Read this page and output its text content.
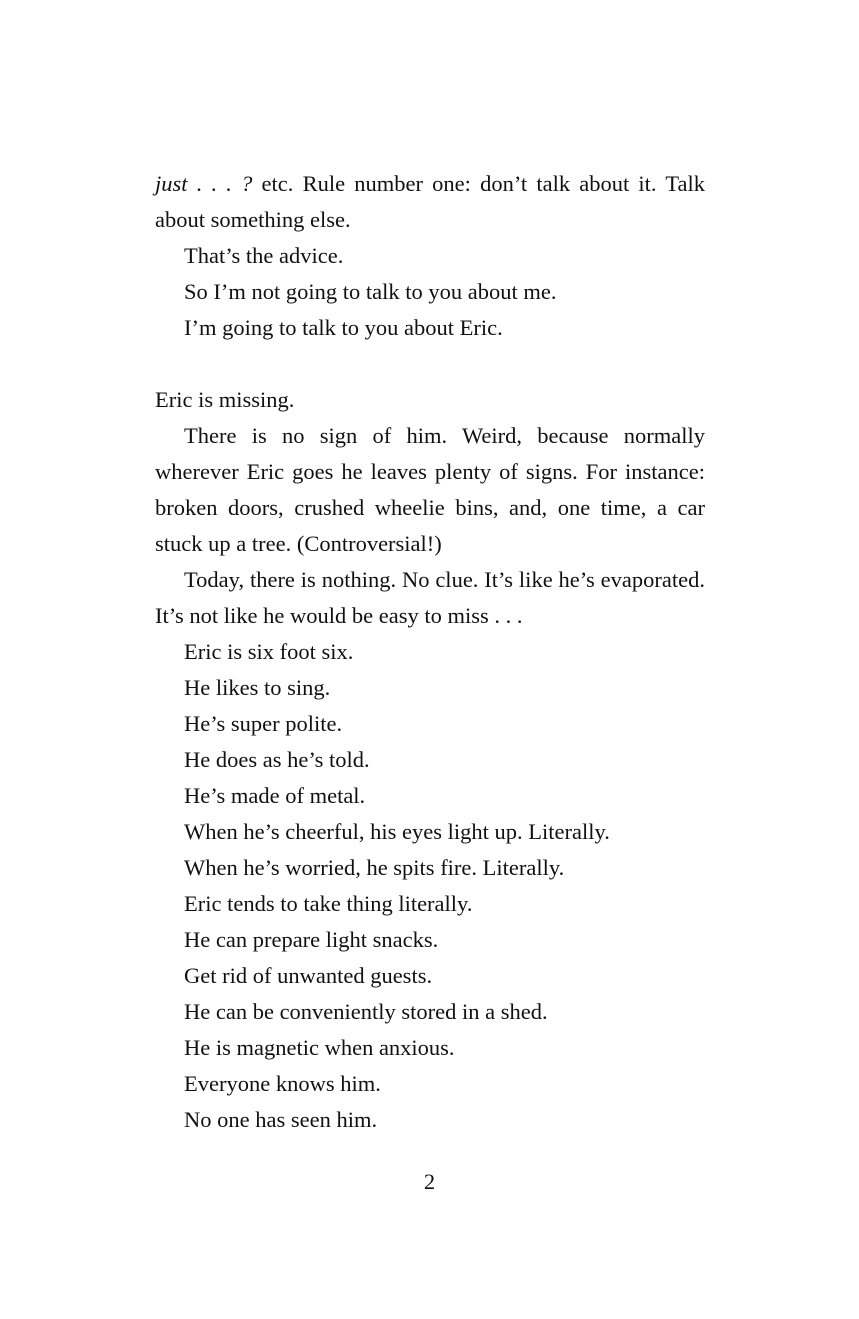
just . . . ? etc. Rule number one: don’t talk about it. Talk about something else.

That’s the advice.

So I’m not going to talk to you about me.

I’m going to talk to you about Eric.

Eric is missing.

There is no sign of him. Weird, because normally wherever Eric goes he leaves plenty of signs. For instance: broken doors, crushed wheelie bins, and, one time, a car stuck up a tree. (Controversial!)

Today, there is nothing. No clue. It’s like he’s evaporated. It’s not like he would be easy to miss . . .

Eric is six foot six.

He likes to sing.

He’s super polite.

He does as he’s told.

He’s made of metal.

When he’s cheerful, his eyes light up. Literally.

When he’s worried, he spits fire. Literally.

Eric tends to take thing literally.

He can prepare light snacks.

Get rid of unwanted guests.

He can be conveniently stored in a shed.

He is magnetic when anxious.

Everyone knows him.

No one has seen him.

2
